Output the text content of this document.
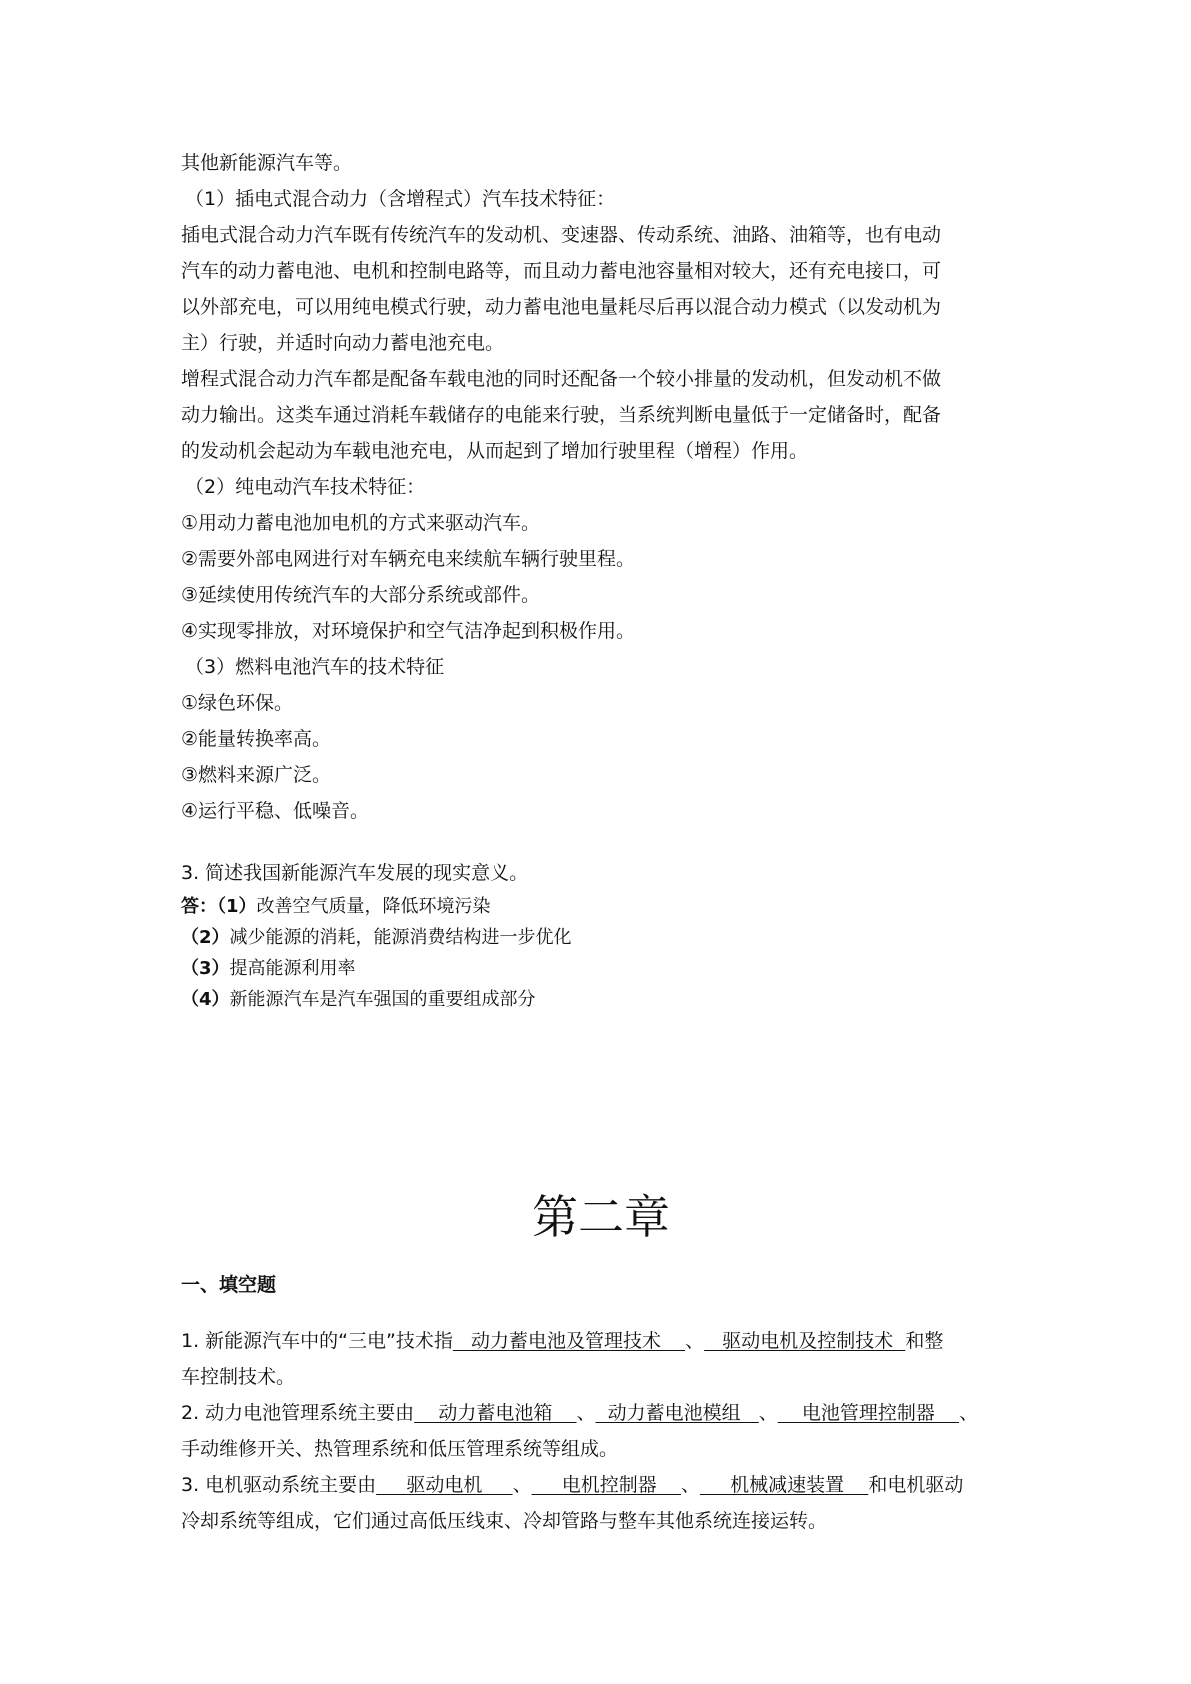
其他新能源汽车等。
（1）插电式混合动力（含增程式）汽车技术特征：
插电式混合动力汽车既有传统汽车的发动机、变速器、传动系统、油路、油箱等，也有电动
汽车的动力蓄电池、电机和控制电路等，而且动力蓄电池容量相对较大，还有充电接口，可
以外部充电，可以用纯电模式行驶，动力蓄电池电量耗尽后再以混合动力模式（以发动机为
主）行驶，并适时向动力蓄电池充电。
增程式混合动力汽车都是配备车载电池的同时还配备一个较小排量的发动机，但发动机不做
动力输出。这类车通过消耗车载储存的电能来行驶，当系统判断电量低于一定储备时，配备
的发动机会起动为车载电池充电，从而起到了增加行驶里程（增程）作用。
（2）纯电动汽车技术特征：
①用动力蓄电池加电机的方式来驱动汽车。
②需要外部电网进行对车辆充电来续航车辆行驶里程。
③延续使用传统汽车的大部分系统或部件。
④实现零排放，对环境保护和空气洁净起到积极作用。
（3）燃料电池汽车的技术特征
①绿色环保。
②能量转换率高。
③燃料来源广泛。
④运行平稳、低噪音。
3. 简述我国新能源汽车发展的现实意义。
答：（1）改善空气质量，降低环境污染
（2）减少能源的消耗，能源消费结构进一步优化
（3）提高能源利用率
（4）新能源汽车是汽车强国的重要组成部分
第二章
一、填空题
1. 新能源汽车中的“三电”技术指   动力蓄电池及管理技术    、   驱动电机及控制技术  和整
车控制技术。
2. 动力电池管理系统主要由    动力蓄电池箱    、  动力蓄电池模组   、    电池管理控制器    、
手动维修开关、热管理系统和低压管理系统等组成。
3. 电机驱动系统主要由     驱动电机     、     电机控制器    、     机械减速装置    和电机驱动
冷却系统等组成，它们通过高低压线束、冷却管路与整车其他系统连接运转。
